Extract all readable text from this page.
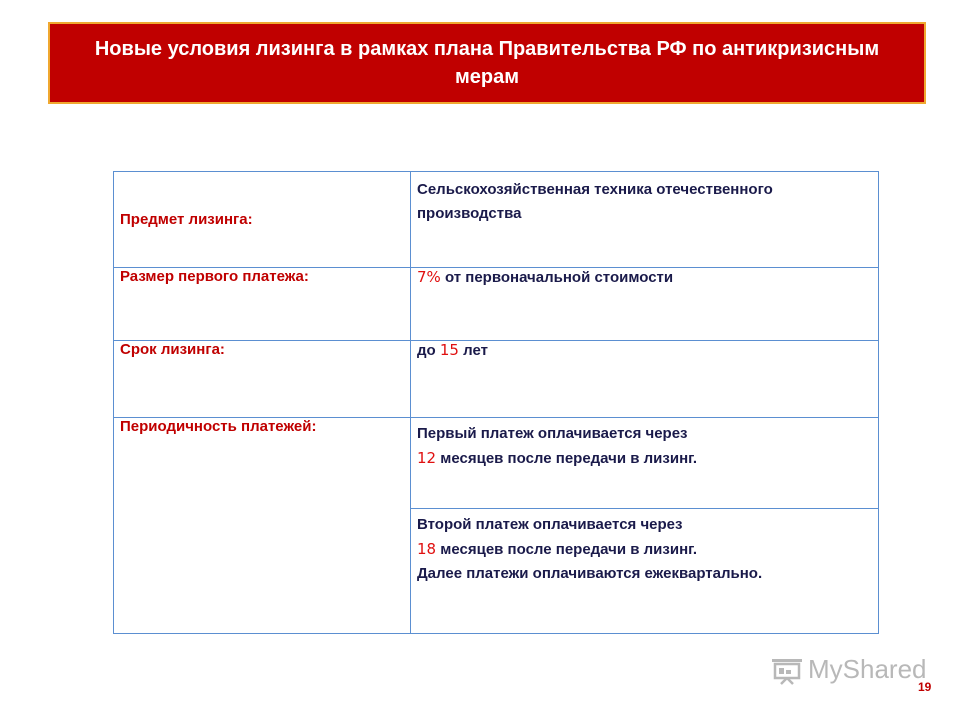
Новые условия лизинга в рамках плана Правительства РФ по антикризисным мерам
Предмет лизинга:	Сельскохозяйственная техника отечественного производства
Размер первого платежа:	7% от первоначальной стоимости
Срок лизинга:	до 15 лет
Периодичность платежей:	Первый платеж оплачивается через
12 месяцев после передачи в лизинг.

	Второй платеж оплачивается через
18 месяцев после передачи в лизинг.
Далее платежи оплачиваются ежеквартально.
MyShared
19
